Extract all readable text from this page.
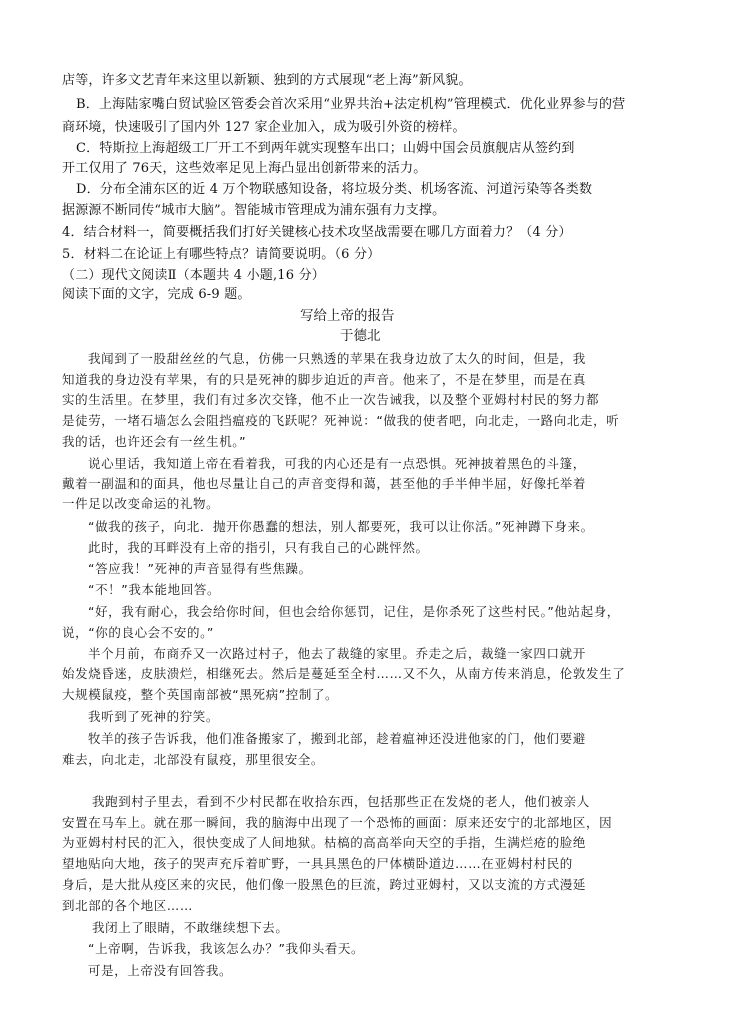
店等，许多文艺青年来这里以新颖、独到的方式展现“老上海”新风貌。
B．上海陆家嘴白贸试验区管委会首次采用“业界共治+法定机构”管理模式．优化业界参与的营
商环境，快速吸引了国内外 127 家企业加入，成为吸引外资的榜样。
C．特斯拉上海超级工厂开工不到两年就实现整车出口；山姆中国会员旗舰店从签约到
开工仅用了 76天，这些效率足见上海凸显出创新带来的活力。
D．分布全浦东区的近 4 万个物联感知设备，将垃圾分类、机场客流、河道污染等各类数
据源源不断同传“城市大脑”。智能城市管理成为浦东强有力支撑。
4．结合材料一，简要概括我们打好关键核心技术攻坚战需要在哪几方面着力？（4 分）
5．材料二在论证上有哪些特点？请简要说明。（6 分）
（二）现代文阅读Ⅱ（本题共 4 小题,16 分）
阅读下面的文字，完成 6-9 题。
写给上帝的报告
于德北
我闻到了一股甜丝丝的气息，仿佛一只熟透的苹果在我身边放了太久的时间，但是，我
知道我的身边没有苹果，有的只是死神的脚步迫近的声音。他来了，不是在梦里，而是在真
实的生活里。在梦里，我们有过多次交锋，他不止一次告诫我，以及整个亚姆村村民的努力都
是徒劳，一堵石墙怎么会阻挡瘟疫的飞跃呢？死神说：“做我的使者吧，向北走，一路向北走，听
我的话，也许还会有一丝生机。”
说心里话，我知道上帝在看着我，可我的内心还是有一点恐惧。死神披着黑色的斗篷，
戴着一副温和的面具，他也尽量让自己的声音变得和蔼，甚至他的手半伸半屈，好像托举着
一件足以改变命运的礼物。
“做我的孩子，向北．抛开你愚蠢的想法，别人都要死，我可以让你活。”死神蹲下身来。
此时，我的耳畔没有上帝的指引，只有我自己的心跳怦然。
“答应我！”死神的声音显得有些焦躁。
“不！”我本能地回答。
“好，我有耐心，我会给你时间，但也会给你惩罚，记住，是你杀死了这些村民。”他站起身，
说，“你的良心会不安的。”
半个月前，布商乔又一次路过村子，他去了裁缝的家里。乔走之后，裁缝一家四口就开
始发烧昏迷，皮肤溃烂，相继死去。然后是蔓延至全村……又不久，从南方传来消息，伦敦发生了
大规模鼠疫，整个英国南部被“黑死病”控制了。
我听到了死神的狞笑。
牧羊的孩子告诉我，他们准备搬家了，搬到北部，趁着瘟神还没进他家的门，他们要避
难去，向北走，北部没有鼠疫，那里很安全。
我跑到村子里去，看到不少村民都在收拾东西，包括那些正在发烧的老人，他们被亲人
安置在马车上。就在那一瞬间，我的脑海中出现了一个恐怖的画面：原来还安宁的北部地区，因
为亚姆村村民的汇入，很快变成了人间地狱。枯槁的高高举向天空的手指，生满烂疮的脸绝
望地贴向大地，孩子的哭声充斥着旷野，一具具黑色的尸体横卧道边……在亚姆村村民的
身后，是大批从疫区来的灾民，他们像一股黑色的巨流，跨过亚姆村，又以支流的方式漫延
到北部的各个地区……
我闭上了眼睛，不敢继续想下去。
“上帝啊，告诉我，我该怎么办？”我仰头看天。
可是，上帝没有回答我。
